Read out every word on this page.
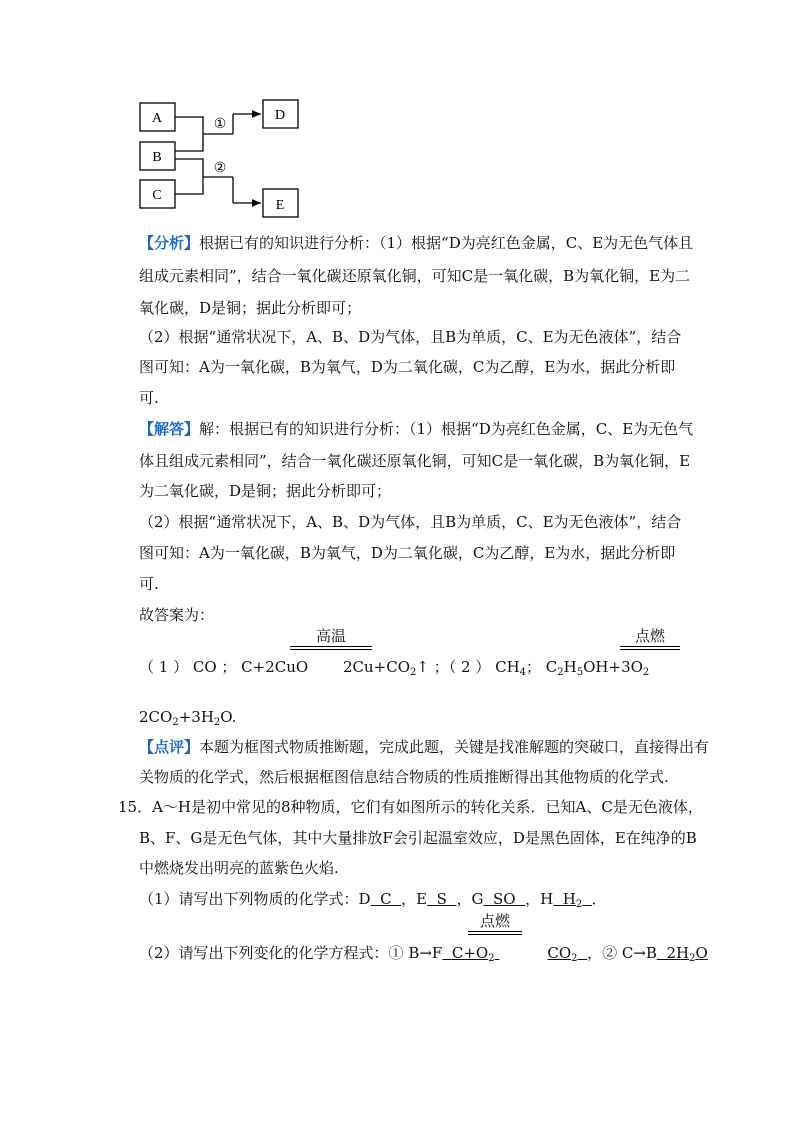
A
B
C
D
E
①
②
【分析】根据已有的知识进行分析：（1）根据“D为亮红色金属，C、E为无色气体且
组成元素相同”，结合一氧化碳还原氧化铜，可知C是一氧化碳，B为氧化铜，E为二
氧化碳，D是铜；据此分析即可；
（2）根据“通常状况下，A、B、D为气体，且B为单质，C、E为无色液体”，结合
图可知：A为一氧化碳，B为氧气，D为二氧化碳，C为乙醇，E为水，据此分析即
可.
【解答】解：根据已有的知识进行分析：（1）根据“D为亮红色金属，C、E为无色气
体且组成元素相同”，结合一氧化碳还原氧化铜，可知C是一氧化碳，B为氧化铜，E
为二氧化碳，D是铜；据此分析即可；
（2）根据“通常状况下，A、B、D为气体，且B为单质，C、E为无色液体”，结合
图可知：A为一氧化碳，B为氧气，D为二氧化碳，C为乙醇，E为水，据此分析即
可.
故答案为：
高温	点燃
（ 1 ） CO ； C+2CuO $2Cu+CO_2↑$ ；（ 2 ） $CH_4$； $C_2H_5OH+3O_2$
$2CO_2+3H_2O$.
【点评】本题为框图式物质推断题，完成此题，关键是找准解题的突破口，直接得出有
关物质的化学式，然后根据框图信息结合物质的性质推断得出其他物质的化学式.
15．A～H是初中常见的8种物质，它们有如图所示的转化关系．已知A、C是无色液体，
B、F、G是无色气体，其中大量排放F会引起温室效应，D是黑色固体，E在纯净的B
中燃烧发出明亮的蓝紫色火焰.
（1）请写出下列物质的化学式：D C ，E S ，G SO ，H $H_2$ ．
点燃
（2）请写出下列变化的化学方程式：① B→F $C+O_2$	$CO_2$ ，② C→B $2H_2O$
